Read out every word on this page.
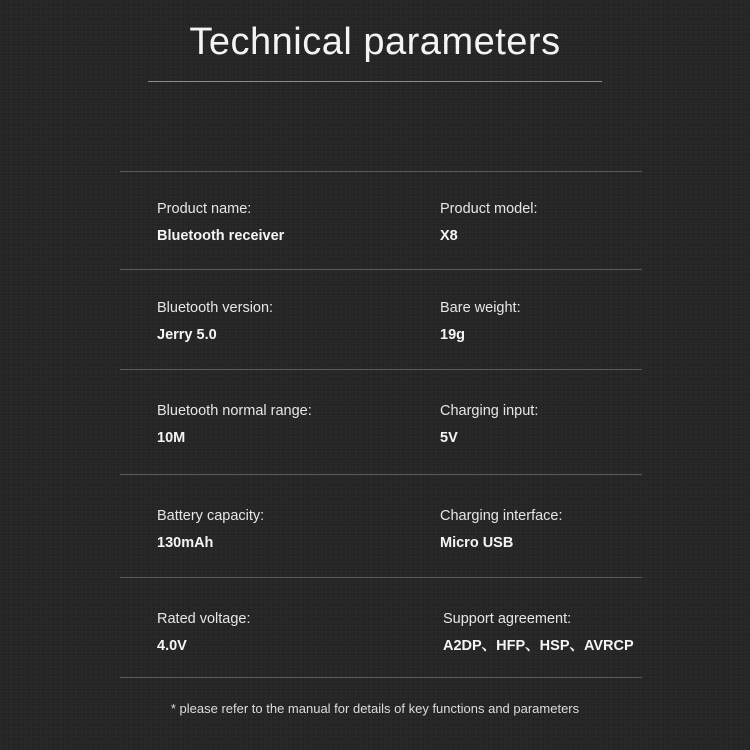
Technical parameters
Product name:
Bluetooth receiver
Product model:
X8
Bluetooth version:
Jerry 5.0
Bare weight:
19g
Bluetooth normal range:
10M
Charging input:
5V
Battery capacity:
130mAh
Charging interface:
Micro USB
Rated voltage:
4.0V
Support agreement:
A2DP、HFP、HSP、AVRCP
* please refer to the manual for details of key functions and parameters
